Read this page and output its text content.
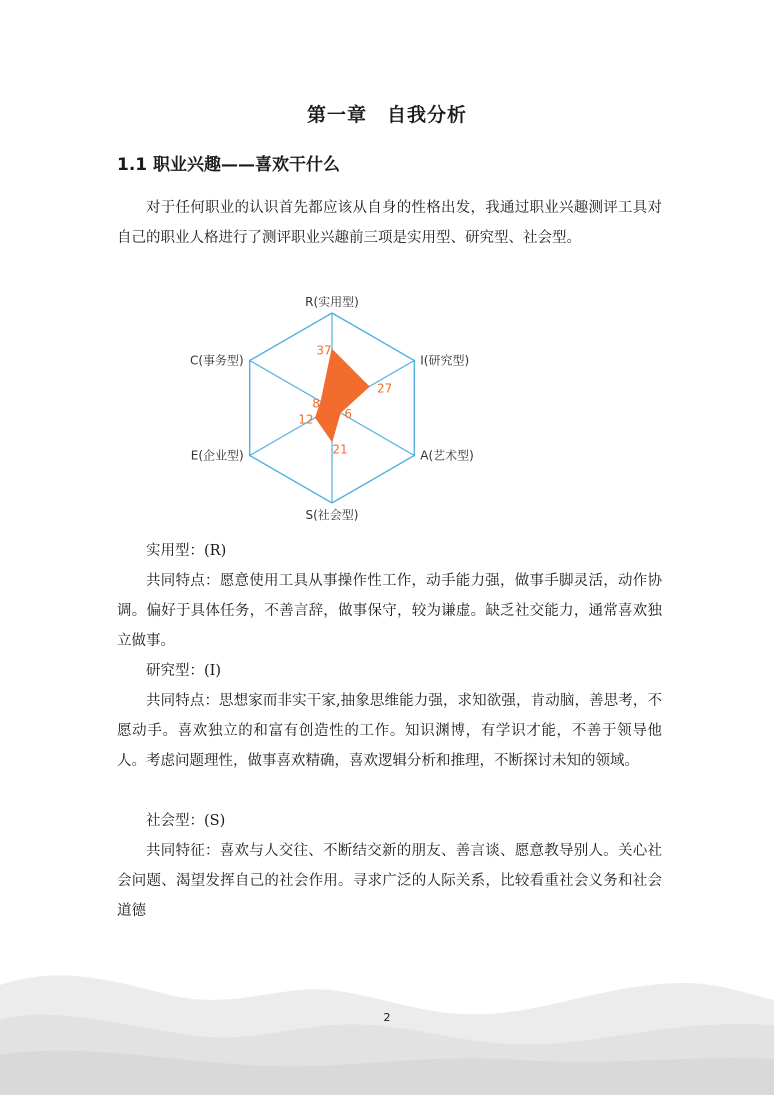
第一章　自我分析
1.1 职业兴趣——喜欢干什么

对于任何职业的认识首先都应该从自身的性格出发，我通过职业兴趣测评工具对自己的职业人格进行了测评职业兴趣前三项是实用型、研究型、社会型。

R(实用型)
I(研究型)
A(艺术型)
S(社会型)
E(企业型)
C(事务型)
37
27
6
21
12
8

实用型：(R)

共同特点：愿意使用工具从事操作性工作，动手能力强，做事手脚灵活，动作协调。偏好于具体任务，不善言辞，做事保守，较为谦虚。缺乏社交能力，通常喜欢独立做事。

研究型：(I)

共同特点：思想家而非实干家,抽象思维能力强，求知欲强，肯动脑，善思考，不愿动手。喜欢独立的和富有创造性的工作。知识渊博，有学识才能，不善于领导他人。考虑问题理性，做事喜欢精确，喜欢逻辑分析和推理，不断探讨未知的领域。

社会型：(S)

共同特征：喜欢与人交往、不断结交新的朋友、善言谈、愿意教导别人。关心社会问题、渴望发挥自己的社会作用。寻求广泛的人际关系，比较看重社会义务和社会道德

2
